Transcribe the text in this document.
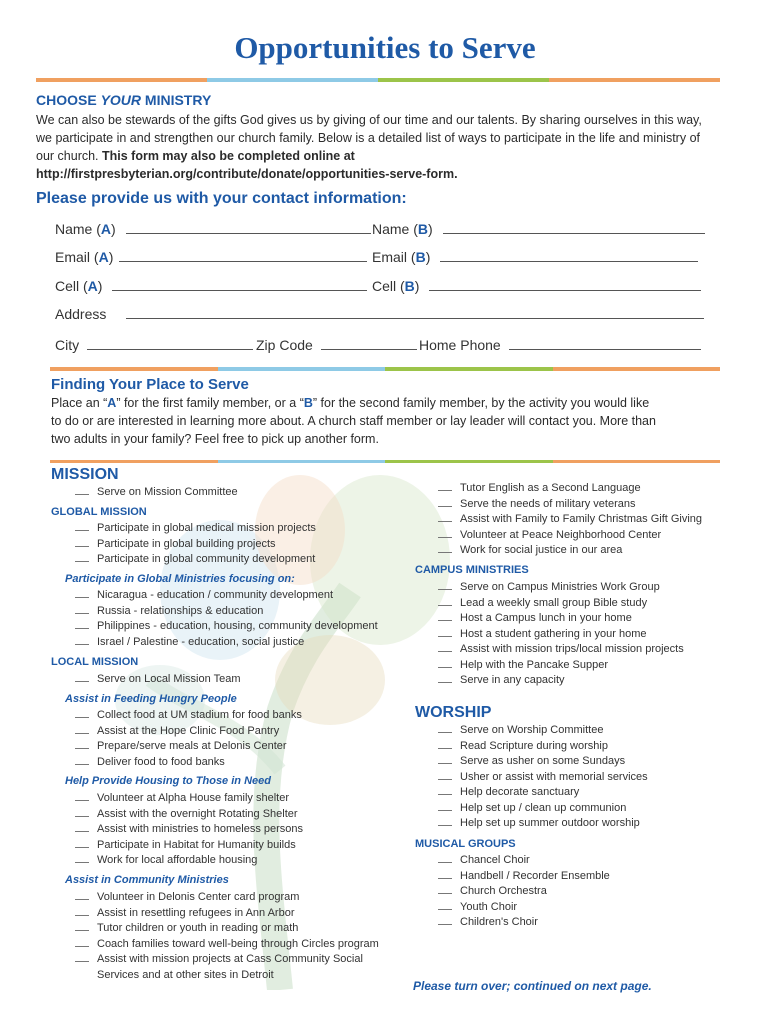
Opportunities to Serve
CHOOSE YOUR MINISTRY
We can also be stewards of the gifts God gives us by giving of our time and our talents. By sharing ourselves in this way, we participate in and strengthen our church family. Below is a detailed list of ways to participate in the life and ministry of our church. This form may also be completed online at http://firstpresbyterian.org/contribute/donate/opportunities-serve-form.
Please provide us with your contact information:
Name (A)	Name (B)
Email (A)	Email (B)
Cell (A)	Cell (B)
Address
City	Zip Code	Home Phone
Finding Your Place to Serve
Place an “A” for the first family member, or a “B” for the second family member, by the activity you would like
to do or are interested in learning more about. A church staff member or lay leader will contact you. More than
two adults in your family? Feel free to pick up another form.
MISSION
Serve on Mission Committee
GLOBAL MISSION
Participate in global medical mission projects
Participate in global building projects
Participate in global community development
Participate in Global Ministries focusing on:
Nicaragua - education / community development
Russia - relationships & education
Philippines - education, housing, community development
Israel / Palestine - education, social justice
LOCAL MISSION
Serve on Local Mission Team
Assist in Feeding Hungry People
Collect food at UM stadium for food banks
Assist at the Hope Clinic Food Pantry
Prepare/serve meals at Delonis Center
Deliver food to food banks
Help Provide Housing to Those in Need
Volunteer at Alpha House family shelter
Assist with the overnight Rotating Shelter
Assist with ministries to homeless persons
Participate in Habitat for Humanity builds
Work for local affordable housing
Assist in Community Ministries
Volunteer in Delonis Center card program
Assist in resettling refugees in Ann Arbor
Tutor children or youth in reading or math
Coach families toward well-being through Circles program
Assist with mission projects at Cass Community Social
Services and at other sites in Detroit
Tutor English as a Second Language
Serve the needs of military veterans
Assist with Family to Family Christmas Gift Giving
Volunteer at Peace Neighborhood Center
Work for social justice in our area
CAMPUS MINISTRIES
Serve on Campus Ministries Work Group
Lead a weekly small group Bible study
Host a Campus lunch in your home
Host a student gathering in your home
Assist with mission trips/local mission projects
Help with the Pancake Supper
Serve in any capacity
WORSHIP
Serve on Worship Committee
Read Scripture during worship
Serve as usher on some Sundays
Usher or assist with memorial services
Help decorate sanctuary
Help set up / clean up communion
Help set up summer outdoor worship
MUSICAL GROUPS
Chancel Choir
Handbell / Recorder Ensemble
Church Orchestra
Youth Choir
Children's Choir
Please turn over; continued on next page.
